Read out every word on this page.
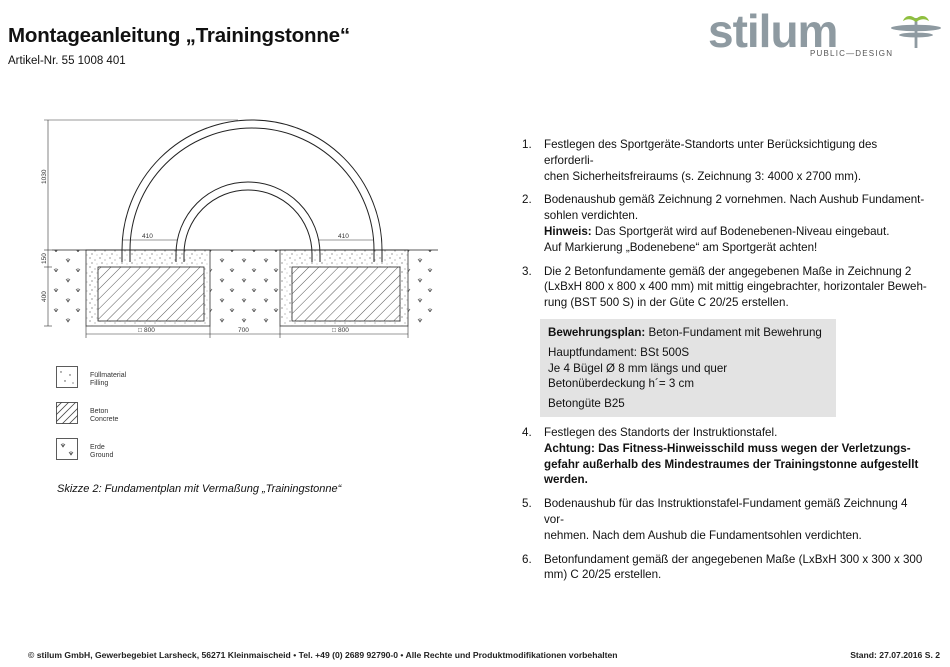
Montageanleitung „Trainingstonne“
Artikel-Nr. 55 1008 401
stilum
PUBLIC—DESIGN
1030
150
400
410	410
□ 800	700	□ 800
Füllmaterial
Filling
Beton
Concrete
Erde
Ground
Skizze 2: Fundamentplan mit Vermaßung „Trainingstonne“
1. Festlegen des Sportgeräte-Standorts unter Berücksichtigung des erforderli-

chen Sicherheitsfreiraums (s. Zeichnung 3: 4000 x 2700 mm).

2. Bodenaushub gemäß Zeichnung 2 vornehmen. Nach Aushub Fundament-

sohlen verdichten.

Hinweis: Das Sportgerät wird auf Bodenebenen-Niveau eingebaut.

Auf Markierung „Bodenebene“ am Sportgerät achten!

3. Die 2 Betonfundamente gemäß der angegebenen Maße in Zeichnung 2

(LxBxH 800 x 800 x 400 mm) mit mittig eingebrachter, horizontaler Beweh-

rung (BST 500 S) in der Güte C 20/25 erstellen.

Bewehrungsplan: Beton-Fundament mit Bewehrung

Hauptfundament: BSt 500S

Je 4 Bügel Ø 8 mm längs und quer

Betonüberdeckung h´= 3 cm

Betongüte B25

4. Festlegen des Standorts der Instruktionstafel.

Achtung: Das Fitness-Hinweisschild muss wegen der Verletzungs-

gefahr außerhalb des Mindestraumes der Trainingstonne aufgestellt

werden.

5. Bodenaushub für das Instruktionstafel-Fundament gemäß Zeichnung 4 vor-

nehmen. Nach dem Aushub die Fundamentsohlen verdichten.

6. Betonfundament gemäß der angegebenen Maße (LxBxH 300 x 300 x 300

mm) C 20/25 erstellen.

© stilum GmbH, Gewerbegebiet Larsheck, 56271 Kleinmaischeid • Tel. +49 (0) 2689 92790-0 • Alle Rechte und Produktmodifikationen vorbehalten	Stand: 27.07.2016 S. 2
